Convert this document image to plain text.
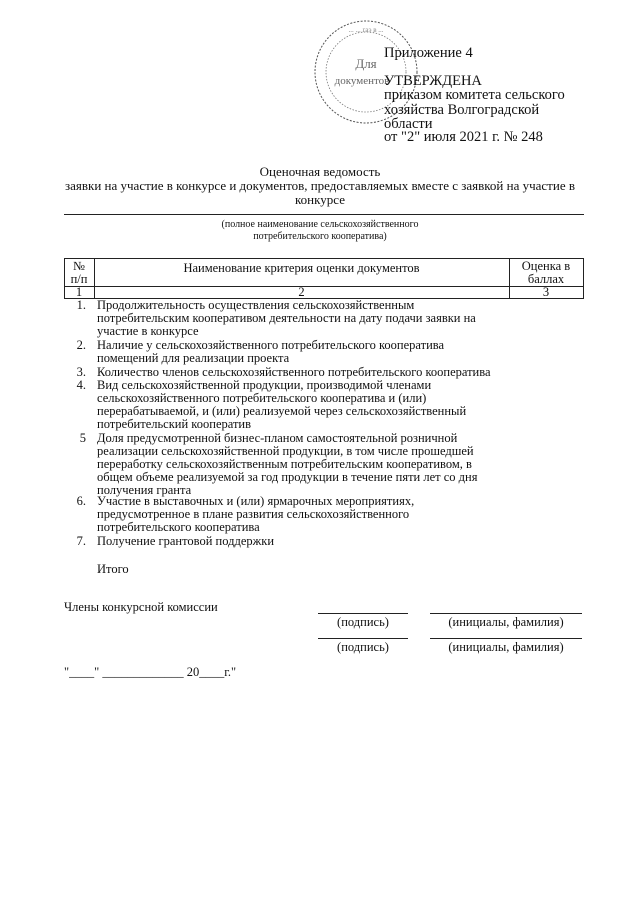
Для
документов
... ... гаэ в ...
Приложение 4
УТВЕРЖДЕНА
приказом комитета сельского
хозяйства Волгоградской
области
от "2" июля 2021 г. № 248
Оценочная ведомость
заявки на участие в конкурсе и документов, предоставляемых вместе с заявкой на участие в
конкурсе
(полное наименование сельскохозяйственного
потребительского кооператива)
№
п/п
Наименование критерия оценки документов	Оценка в
баллах
1	2	3
1. Продолжительность осуществления сельскохозяйственным
потребительским кооперативом деятельности на дату подачи заявки на
участие в конкурсе
2. Наличие у сельскохозяйственного потребительского кооператива
помещений для реализации проекта
3. Количество членов сельскохозяйственного потребительского кооператива
4. Вид сельскохозяйственной продукции, производимой членами
сельскохозяйственного потребительского кооператива и (или)
перерабатываемой, и (или) реализуемой через сельскохозяйственный
потребительский кооператив
5 Доля предусмотренной бизнес-планом самостоятельной розничной
реализации сельскохозяйственной продукции, в том числе прошедшей
переработку сельскохозяйственным потребительским кооперативом, в
общем объеме реализуемой за год продукции в течение пяти лет со дня
получения гранта
6. Участие в выставочных и (или) ярмарочных мероприятиях,
предусмотренное в плане развития сельскохозяйственного
потребительского кооператива
7. Получение грантовой поддержки
Итого
Члены конкурсной комиссии
(подпись)	(инициалы, фамилия)
(подпись)	(инициалы, фамилия)
"____" _____________ 20____г."
